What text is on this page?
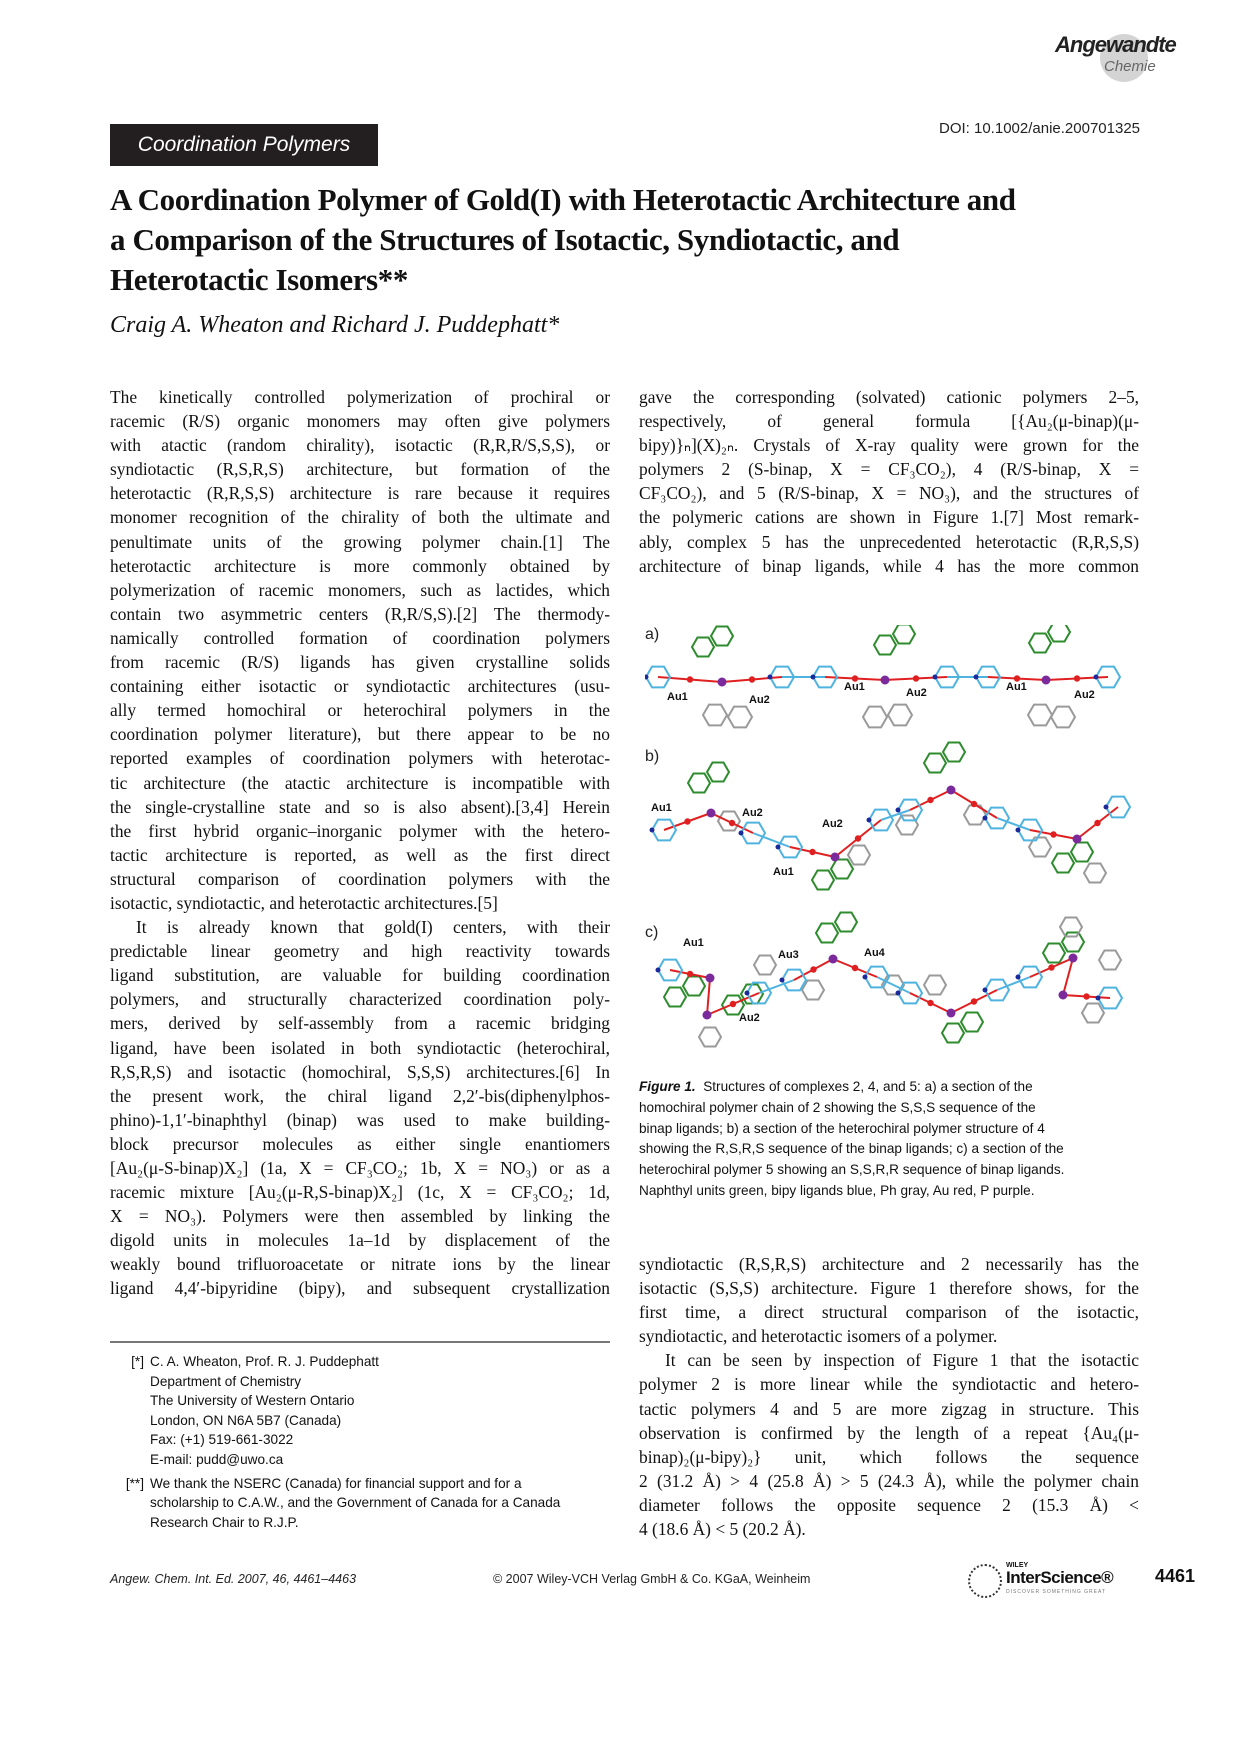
Angewandte
Chemie
Coordination Polymers
DOI: 10.1002/anie.200701325
A Coordination Polymer of Gold(I) with Heterotactic Architecture and
a Comparison of the Structures of Isotactic, Syndiotactic, and
Heterotactic Isomers**
Craig A. Wheaton and Richard J. Puddephatt*
The kinetically controlled polymerization of prochiral or
racemic (R/S) organic monomers may often give polymers
with atactic (random chirality), isotactic (R,R,R/S,S,S), or
syndiotactic (R,S,R,S) architecture, but formation of the
heterotactic (R,R,S,S) architecture is rare because it requires
monomer recognition of the chirality of both the ultimate and
penultimate units of the growing polymer chain.[1] The
heterotactic architecture is more commonly obtained by
polymerization of racemic monomers, such as lactides, which
contain two asymmetric centers (R,R/S,S).[2] The thermody-
namically controlled formation of coordination polymers
from racemic (R/S) ligands has given crystalline solids
containing either isotactic or syndiotactic architectures (usu-
ally termed homochiral or heterochiral polymers in the
coordination polymer literature), but there appear to be no
reported examples of coordination polymers with heterotac-
tic architecture (the atactic architecture is incompatible with
the single-crystalline state and so is also absent).[3,4] Herein
the first hybrid organic–inorganic polymer with the hetero-
tactic architecture is reported, as well as the first direct
structural comparison of coordination polymers with the
isotactic, syndiotactic, and heterotactic architectures.[5]
It is already known that gold(I) centers, with their
predictable linear geometry and high reactivity towards
ligand substitution, are valuable for building coordination
polymers, and structurally characterized coordination poly-
mers, derived by self-assembly from a racemic bridging
ligand, have been isolated in both syndiotactic (heterochiral,
R,S,R,S) and isotactic (homochiral, S,S,S) architectures.[6] In
the present work, the chiral ligand 2,2′-bis(diphenylphos-
phino)-1,1′-binaphthyl (binap) was used to make building-
block precursor molecules as either single enantiomers
[Au₂(μ-S-binap)X₂] (1a, X = CF₃CO₂; 1b, X = NO₃) or as a
racemic mixture [Au₂(μ-R,S-binap)X₂] (1c, X = CF₃CO₂; 1d,
X = NO₃). Polymers were then assembled by linking the
digold units in molecules 1a–1d by displacement of the
weakly bound trifluoroacetate or nitrate ions by the linear
ligand 4,4′-bipyridine (bipy), and subsequent crystallization
gave the corresponding (solvated) cationic polymers 2–5,
respectively, of general formula [{Au₂(μ-binap)(μ-
bipy)}ₙ](X)₂ₙ. Crystals of X-ray quality were grown for the
polymers 2 (S-binap, X = CF₃CO₂), 4 (R/S-binap, X =
CF₃CO₂), and 5 (R/S-binap, X = NO₃), and the structures of
the polymeric cations are shown in Figure 1.[7] Most remark-
ably, complex 5 has the unprecedented heterotactic (R,R,S,S)
architecture of binap ligands, while 4 has the more common
a)
b)
c)
Au1	Au2
Au1	Au2	Au1
Au2
Au1	Au2
Au2
Au1
Au1
Au3	Au4
Au2
Figure 1. Structures of complexes 2, 4, and 5: a) a section of the
homochiral polymer chain of 2 showing the S,S,S sequence of the
binap ligands; b) a section of the heterochiral polymer structure of 4
showing the R,S,R,S sequence of the binap ligands; c) a section of the
heterochiral polymer 5 showing an S,S,R,R sequence of binap ligands.
Naphthyl units green, bipy ligands blue, Ph gray, Au red, P purple.
syndiotactic (R,S,R,S) architecture and 2 necessarily has the
isotactic (S,S,S) architecture. Figure 1 therefore shows, for the
first time, a direct structural comparison of the isotactic,
syndiotactic, and heterotactic isomers of a polymer.
It can be seen by inspection of Figure 1 that the isotactic
polymer 2 is more linear while the syndiotactic and hetero-
tactic polymers 4 and 5 are more zigzag in structure. This
observation is confirmed by the length of a repeat {Au₄(μ-
binap)₂(μ-bipy)₂} unit, which follows the sequence
2 (31.2 Å) > 4 (25.8 Å) > 5 (24.3 Å), while the polymer chain
diameter follows the opposite sequence 2 (15.3 Å) <
4 (18.6 Å) < 5 (20.2 Å).
[*] C. A. Wheaton, Prof. R. J. Puddephatt
Department of Chemistry
The University of Western Ontario
London, ON N6A 5B7 (Canada)
Fax: (+1) 519-661-3022
E-mail: pudd@uwo.ca
[**] We thank the NSERC (Canada) for financial support and for a
scholarship to C.A.W., and the Government of Canada for a Canada
Research Chair to R.J.P.
Angew. Chem. Int. Ed. 2007, 46, 4461–4463	© 2007 Wiley-VCH Verlag GmbH & Co. KGaA, Weinheim
WILEY
InterScience®
DISCOVER SOMETHING GREAT
4461
